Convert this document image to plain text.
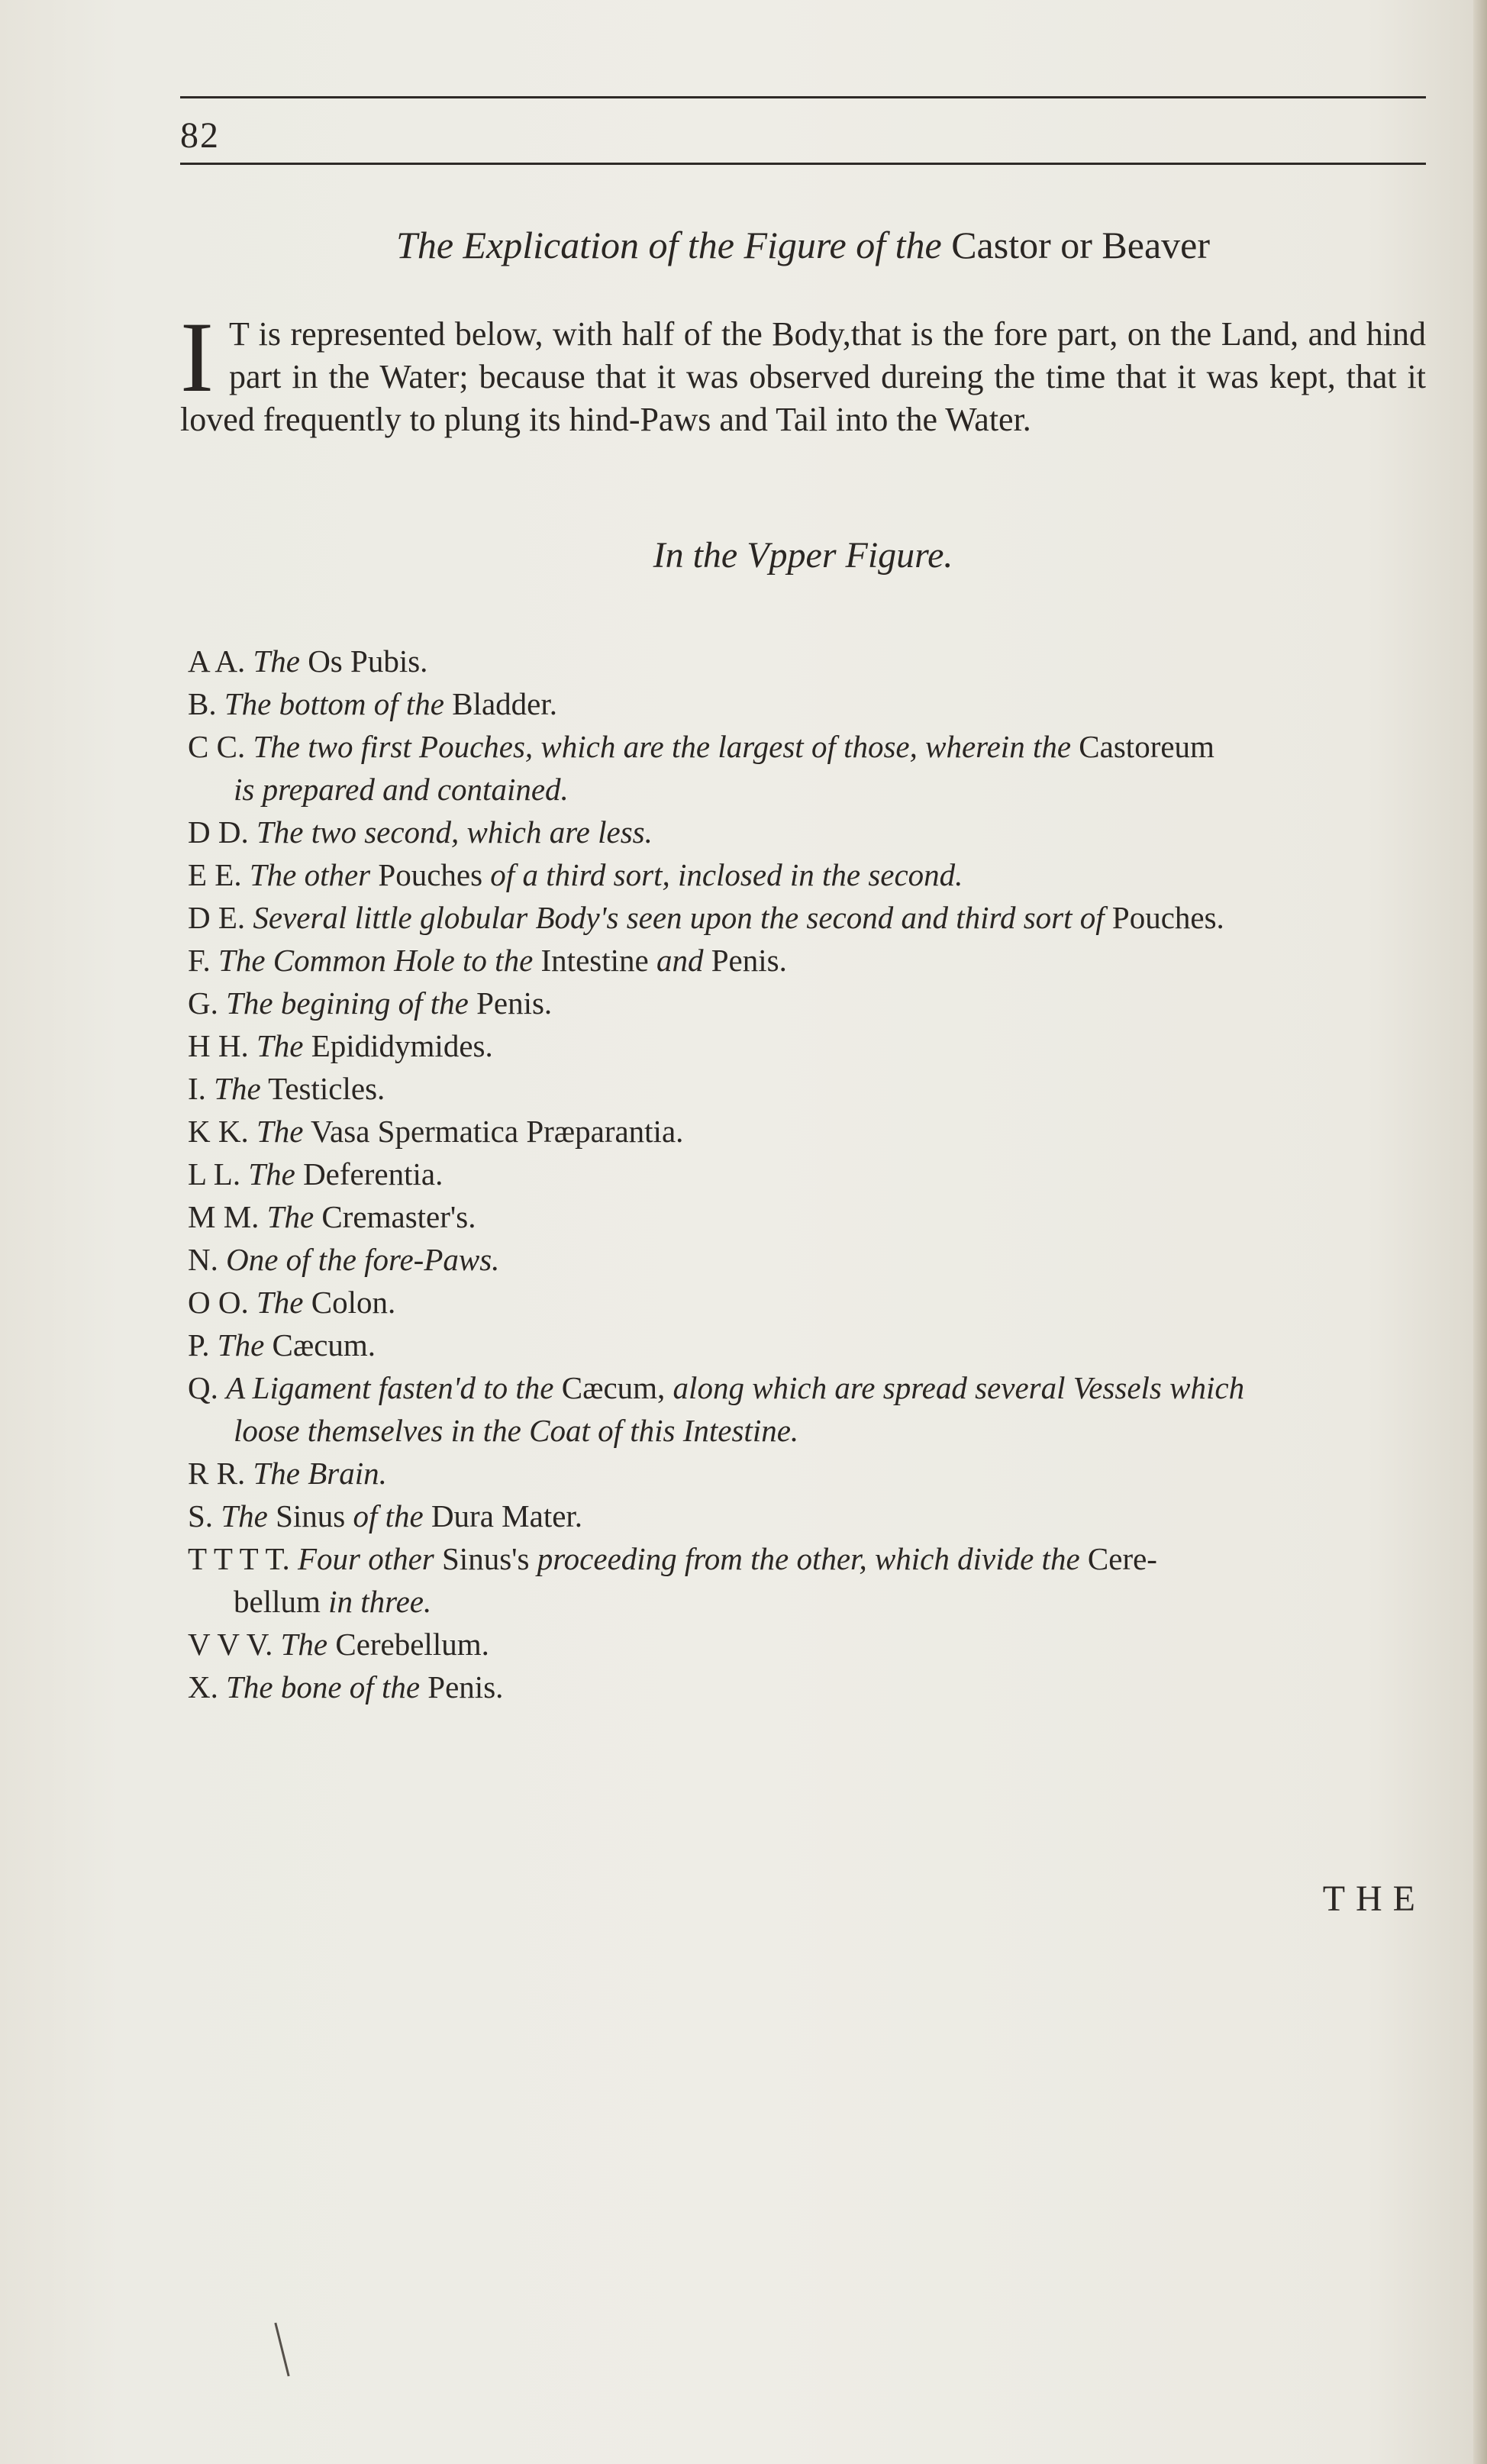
82
The Explication of the Figure of the Castor or Beaver
I T is represented below, with half of the Body,that is the fore part, on the Land, and hind part in the Water; because that it was observed dureing the time that it was kept, that it loved frequently to plung its hind-Paws and Tail into the Water.
In the Vpper Figure.
A A. The Os Pubis.
B. The bottom of the Bladder.
C C. The two first Pouches, which are the largest of those, wherein the Castoreum
is prepared and contained.
D D. The two second, which are less.
E E. The other Pouches of a third sort, inclosed in the second.
D E. Several little globular Body's seen upon the second and third sort of Pouches.
F. The Common Hole to the Intestine and Penis.
G. The begining of the Penis.
H H. The Epididymides.
I. The Testicles.
K K. The Vasa Spermatica Præparantia.
L L. The Deferentia.
M M. The Cremaster's.
N. One of the fore-Paws.
O O. The Colon.
P. The Cæcum.
Q. A Ligament fasten'd to the Cæcum, along which are spread several Vessels which
loose themselves in the Coat of this Intestine.
R R. The Brain.
S. The Sinus of the Dura Mater.
T T T T. Four other Sinus's proceeding from the other, which divide the Cere-
bellum in three.
V V V. The Cerebellum.
X. The bone of the Penis.
THE
